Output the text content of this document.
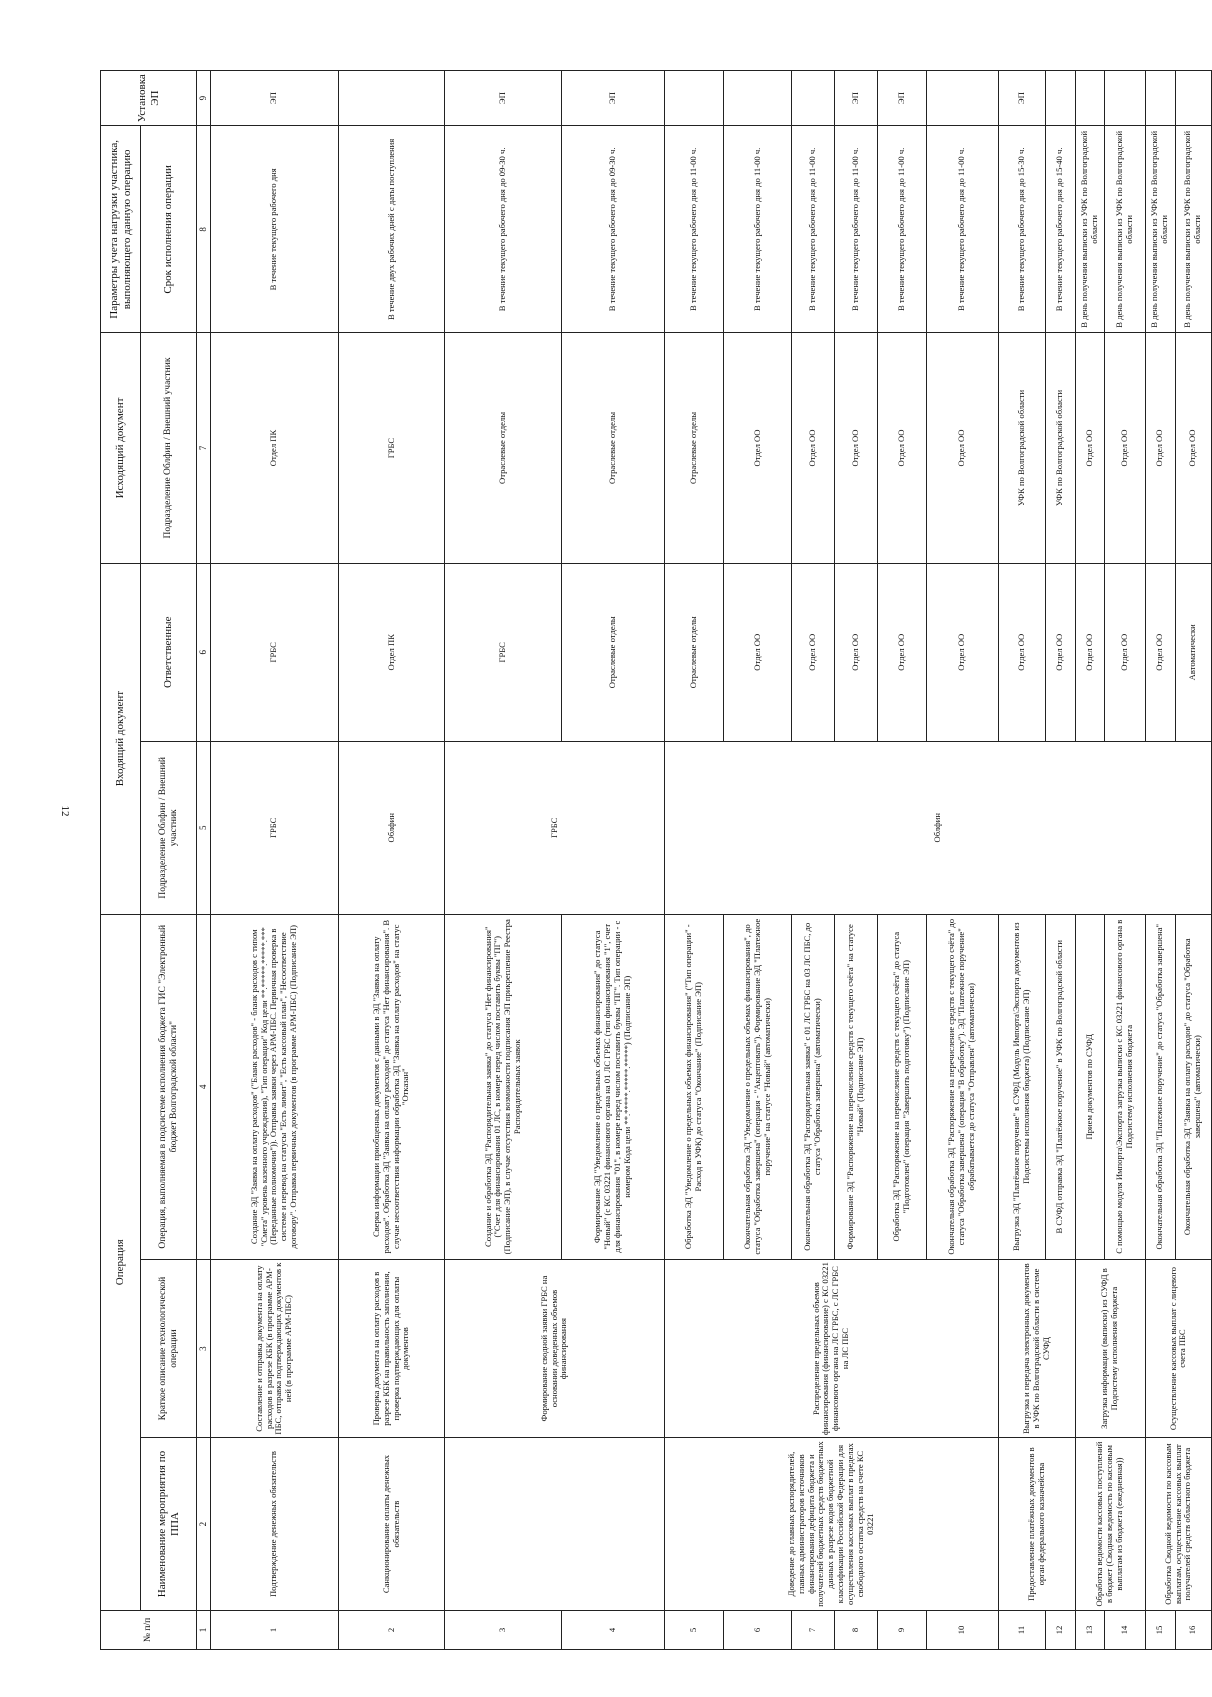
12
№ п/п	Операция			Входящий документ		Исходящий документ	Параметры учета нагрузки участника, выполняющего данную операцию	Установка ЭП
	Наименование мероприятия по ППА	Краткое описание технологической операции	Операция, выполняемая в подсистеме исполнения бюджета ГИС "Электронный бюджет Волгоградской области"	Подразделение Облфин / Внешний участник	Ответственные	Подразделение Облфин / Внешний участник	Срок исполнения операции	
1	2	3	4	5	6	7	8	9
1	Подтверждение денежных обязательств	Составление и отправка документа на оплату расходов в разрезе КБК (в программе АРМ-ПБС, отправка подтверждающих документов к ней (в программе АРМ-ПБС)	Создание ЭД "Заявка на оплату расходов" ("Бланк расходов" - бланк расходов с типом "Смета" уровень казенного учреждения), "Тип операции" Код цели **.*****.*****.*** (Переданные полномочия")). Отправка заявки через АРМ-ПБС. Первичная проверка в системе и перевод на статусы "Есть лимит", "Есть кассовый план", "Несоответствие договору". Отправка первичных документов (в программе АРМ-ПБС) (Подписание ЭП)	ГРБС	ГРБС	Отдел ПК	В течение текущего рабочего дня	ЭП
2	Санкционирование оплаты денежных обязательств	Проверка документа на оплату расходов в разрезе КБК на правильность заполнения, проверка подтверждающих для оплаты документов	Сверка информации приобщенных документов с данными в ЭД "Заявка на оплату расходов". Обработка ЭД "Заявка на оплату расходов" до статуса "Нет финансирования". В случае несоответствия информации обработка ЭД "Заявка на оплату расходов" на статус "Отказан"	Облфин	Отдел ПК	ГРБС	В течение двух рабочих дней с даты поступления	
3		Формирование сводной заявки ГРБС на основании доведенных объемов финансирования	Создание и обработка ЭД "Распорядительная заявка" до статуса "Нет финансирования" ("Счет для финансирования 01 ЛС, в номере перед числом поставить буквы "ПГ") (Подписание ЭП), в случае отсутствия возможности подписания ЭП прикрепление Реестра Распорядительных заявок	ГРБС	ГРБС	Отраслевые отделы	В течение текущего рабочего дня до 09-30 ч.	ЭП
4			Формирование ЭД "Уведомление о предельных объемах финансирования" до статуса "Новый" (с КС 03221 финансового органа на 01 ЛС ГРБС (тип финансирования "1", счет для финансирования "01", в номере перед числом поставить буквы "ПГ". Тип операции - с номером Кода цели **.*****.*****.*****) (Подписание ЭП)		Отраслевые отделы	Отраслевые отделы	В течение текущего рабочего дня до 09-30 ч.	ЭП
5	Доведение до главных распорядителей, главных администраторов источников финансирования дефицита бюджета и получателей бюджетных средств бюджетных данных в разрезе кодов бюджетной классификации Российской Федерации для осуществления кассовых выплат в пределах свободного остатка средств на счете КС 03221	Распределение предельных объемов финансирования (финансирование) с КС 03221 финансового органа на ЛС ГРБС, с ЛС ГРБС на ЛС ПБС	Обработка ЭД "Уведомление о предельных объемах финансирования" ("Тип операции" - Расход в УФК) до статуса "Окончание" (Подписание ЭП)	Облфин	Отраслевые отделы	Отраслевые отделы	В течение текущего рабочего дня до 11-00 ч.	
6			Окончательная обработка ЭД "Уведомление о предельных объемах финансирования", до статуса "Обработка завершена" (операция - "Акцептовать"). Формирование ЭД "Платежное поручение" на статусе "Новый" (автоматически)		Отдел ОО	Отдел ОО	В течение текущего рабочего дня до 11-00 ч.	
7			Окончательная обработка ЭД "Распорядительная заявка" с 01 ЛС ГРБС на 03 ЛС ПБС, до статуса "Обработка завершена" (автоматически)		Отдел ОО	Отдел ОО	В течение текущего рабочего дня до 11-00 ч.	
8			Формирование ЭД "Распоряжение на перечисление средств с текущего счёта" на статусе "Новый" (Подписание ЭП)		Отдел ОО	Отдел ОО	В течение текущего рабочего дня до 11-00 ч.	ЭП
9			Обработка ЭД "Распоряжение на перечисление средств с текущего счёта" до статуса "Подготовлен" (операция "Завершить подготовку") (Подписание ЭП)		Отдел ОО	Отдел ОО	В течение текущего рабочего дня до 11-00 ч.	ЭП
10			Окончательная обработка ЭД "Распоряжение на перечисление средств с текущего счёта" до статуса "Обработка завершена" (операция "В обработку"). ЭД "Платежное поручение" обрабатывается до статуса "Отправлен" (автоматически)		Отдел ОО	Отдел ОО	В течение текущего рабочего дня до 11-00 ч.	
11	Предоставление платёжных документов в орган федерального казначейства	Выгрузка и передача электронных документов в УФК по Волгоградской области в системе СУФД	Выгрузка ЭД "Платёжное поручение" в СУФД (Модуль Импорта\Экспорта документов из Подсистемы исполнения бюджета) (Подписание ЭП)		Отдел ОО	УФК по Волгоградской области	В течение текущего рабочего дня до 15-30 ч.	ЭП
12			В СУФД отправка ЭД "Платёжное поручение" в УФК по Волгоградской области		Отдел ОО	УФК по Волгоградской области	В течение текущего рабочего дня до 15-40 ч.	
13	Обработка ведомости кассовых поступлений в бюджет (Сводная ведомость по кассовым выплатам из бюджета (ежедневная))	Загрузка информации (выписки) из СУФД в Подсистему исполнения бюджета	Прием документов по СУФД		Отдел ОО	Отдел ОО	В день получения выписки из УФК по Волгоградской области	
14			С помощью модуля Импорта\Экспорта загрузка выписки с КС 03221 финансового органа в Подсистему исполнения бюджета		Отдел ОО	Отдел ОО	В день получения выписки из УФК по Волгоградской области	
15	Обработка Сводной ведомости по кассовым выплатам, осуществление кассовых выплат получателей средств областного бюджета	Осуществление кассовых выплат с лицевого счета ПБС	Окончательная обработка ЭД "Платежное поручение" до статуса "Обработка завершена"		Отдел ОО	Отдел ОО	В день получения выписки из УФК по Волгоградской области	
16			Окончательная обработка ЭД "Заявка на оплату расходов" до статуса "Обработка завершена" (автоматически)		Автоматически	Отдел ОО	В день получения выписки из УФК по Волгоградской области	
